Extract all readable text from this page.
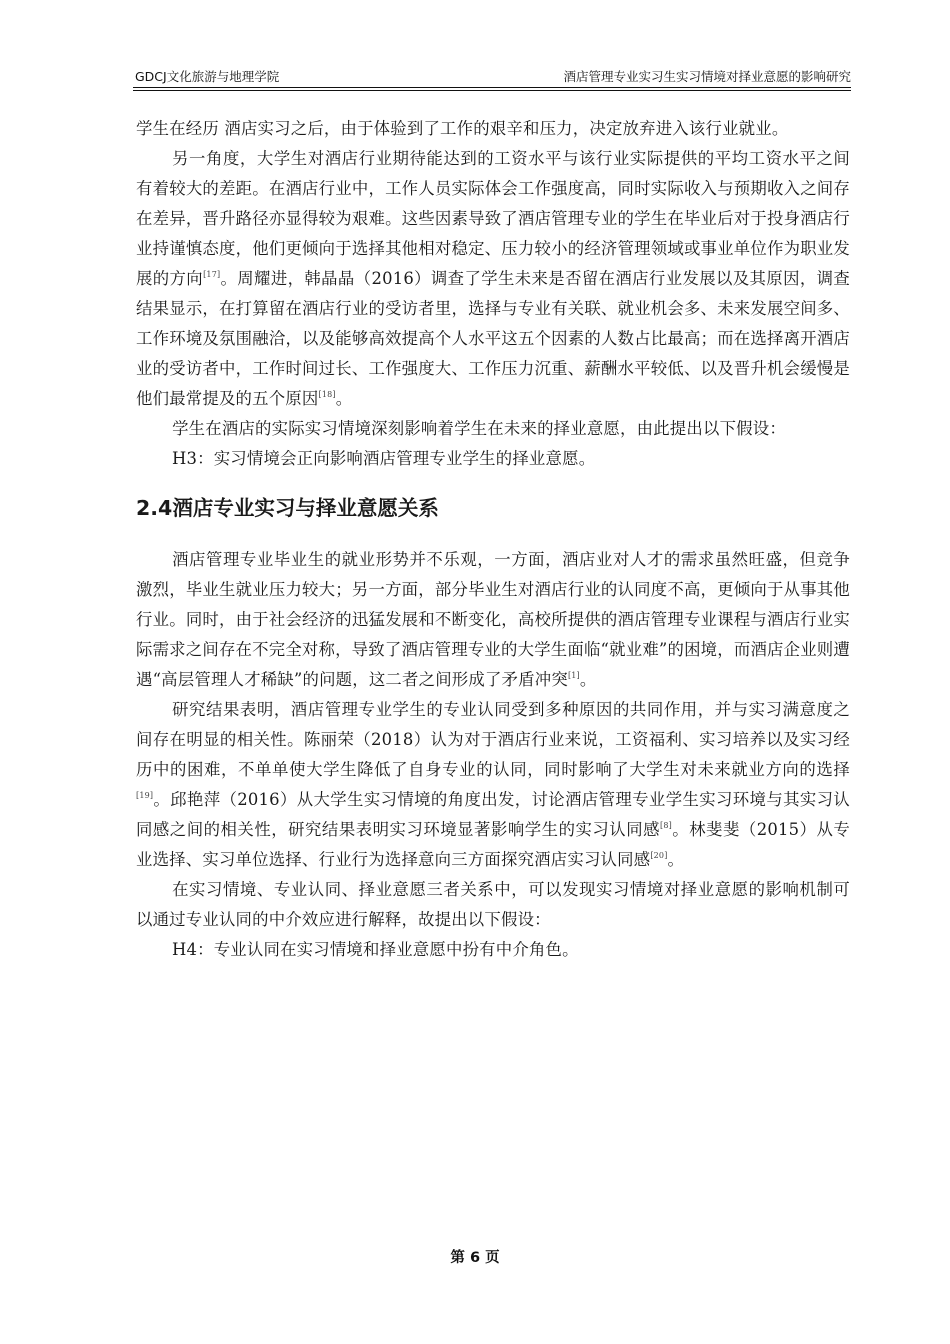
GDCJ文化旅游与地理学院	酒店管理专业实习生实习情境对择业意愿的影响研究

学生在经历 酒店实习之后，由于体验到了工作的艰辛和压力，决定放弃进入该行业就业。

另一角度，大学生对酒店行业期待能达到的工资水平与该行业实际提供的平均工资水平之间有着较大的差距。在酒店行业中，工作人员实际体会工作强度高，同时实际收入与预期收入之间存在差异，晋升路径亦显得较为艰难。这些因素导致了酒店管理专业的学生在毕业后对于投身酒店行业持谨慎态度，他们更倾向于选择其他相对稳定、压力较小的经济管理领域或事业单位作为职业发展的方向[17]。周耀进，韩晶晶（2016）调查了学生未来是否留在酒店行业发展以及其原因，调查结果显示，在打算留在酒店行业的受访者里，选择与专业有关联、就业机会多、未来发展空间多、工作环境及氛围融洽，以及能够高效提高个人水平这五个因素的人数占比最高；而在选择离开酒店业的受访者中，工作时间过长、工作强度大、工作压力沉重、薪酬水平较低、以及晋升机会缓慢是他们最常提及的五个原因[18]。

学生在酒店的实际实习情境深刻影响着学生在未来的择业意愿，由此提出以下假设：

H3：实习情境会正向影响酒店管理专业学生的择业意愿。

2.4酒店专业实习与择业意愿关系

酒店管理专业毕业生的就业形势并不乐观，一方面，酒店业对人才的需求虽然旺盛，但竞争激烈，毕业生就业压力较大；另一方面，部分毕业生对酒店行业的认同度不高，更倾向于从事其他行业。同时，由于社会经济的迅猛发展和不断变化，高校所提供的酒店管理专业课程与酒店行业实际需求之间存在不完全对称，导致了酒店管理专业的大学生面临“就业难”的困境，而酒店企业则遭遇“高层管理人才稀缺”的问题，这二者之间形成了矛盾冲突[1]。

研究结果表明，酒店管理专业学生的专业认同受到多种原因的共同作用，并与实习满意度之间存在明显的相关性。陈丽荣（2018）认为对于酒店行业来说，工资福利、实习培养以及实习经历中的困难，不单单使大学生降低了自身专业的认同，同时影响了大学生对未来就业方向的选择[19]。邱艳萍（2016）从大学生实习情境的角度出发，讨论酒店管理专业学生实习环境与其实习认同感之间的相关性，研究结果表明实习环境显著影响学生的实习认同感[8]。林斐斐（2015）从专业选择、实习单位选择、行业行为选择意向三方面探究酒店实习认同感[20]。

在实习情境、专业认同、择业意愿三者关系中，可以发现实习情境对择业意愿的影响机制可以通过专业认同的中介效应进行解释，故提出以下假设：

H4：专业认同在实习情境和择业意愿中扮有中介角色。

第 6 页
